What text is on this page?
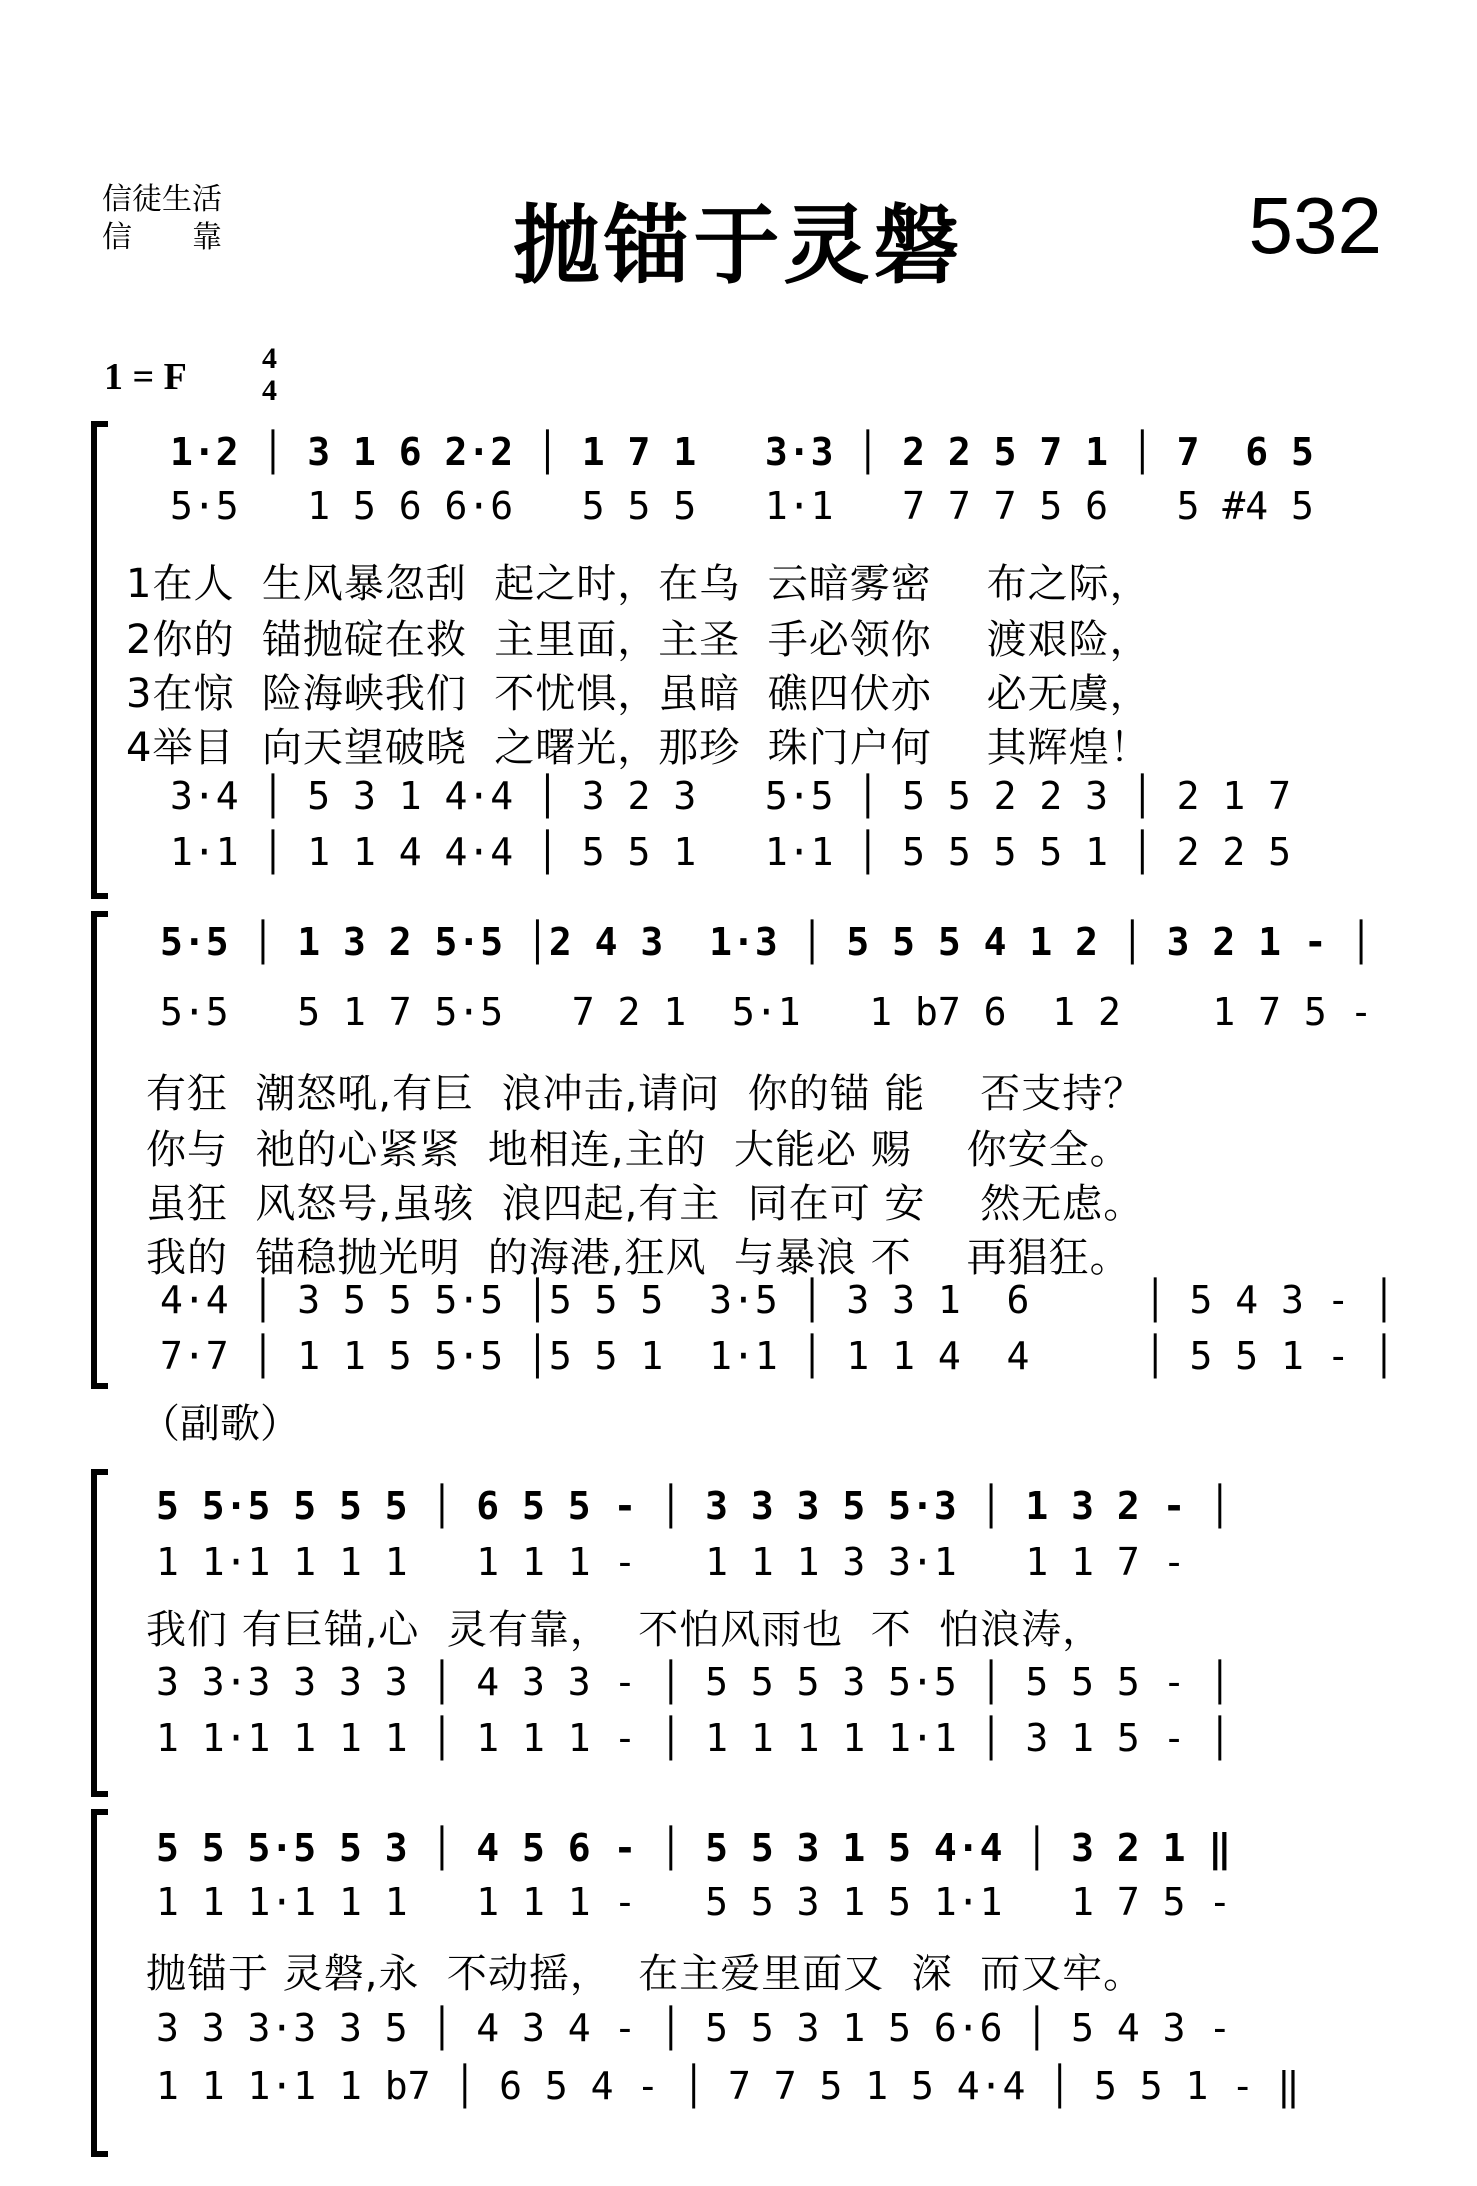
信徒生活
信　　靠	抛锚于灵磐	532
1 = F	4
4
1·2 │ 3 1 6 2·2 │ 1 7 1   3·3 │ 2 2 5 7 1 │ 7  6 5
5·5   1 5 6 6·6   5 5 5   1·1   7 7 7 5 6   5 #4 5
1在人  生风暴忽刮  起之时，在乌  云暗雾密    布之际，
2你的  锚抛碇在救  主里面，主圣  手必领你    渡艰险，
3在惊  险海峡我们  不忧惧，虽暗  礁四伏亦    必无虞，
4举目  向天望破晓  之曙光，那珍  珠门户何    其辉煌！
3·4 │ 5 3 1 4·4 │ 3 2 3   5·5 │ 5 5 2 2 3 │ 2 1 7
1·1 │ 1 1 4 4·4 │ 5 5 1   1·1 │ 5 5 5 5 1 │ 2 2 5
5·5 │ 1 3 2 5·5 │2 4 3  1·3 │ 5 5 5 4 1 2 │ 3 2 1 - │
5·5   5 1 7 5·5   7 2 1  5·1   1 b7 6  1 2    1 7 5 -
有狂  潮怒吼,有巨  浪冲击,请问  你的锚 能    否支持？
你与  祂的心紧紧  地相连,主的  大能必 赐    你安全。
虽狂  风怒号,虽骇  浪四起,有主  同在可 安    然无虑。
我的  锚稳抛光明  的海港,狂风  与暴浪 不    再猖狂。
4·4 │ 3 5 5 5·5 │5 5 5  3·5 │ 3 3 1  6     │ 5 4 3 - │
7·7 │ 1 1 5 5·5 │5 5 1  1·1 │ 1 1 4  4     │ 5 5 1 - │
（副歌）
5 5·5 5 5 5 │ 6 5 5 - │ 3 3 3 5 5·3 │ 1 3 2 - │
1 1·1 1 1 1   1 1 1 -   1 1 1 3 3·1   1 1 7 -
我们 有巨锚,心  灵有靠，  不怕风雨也  不  怕浪涛，
3 3·3 3 3 3 │ 4 3 3 - │ 5 5 5 3 5·5 │ 5 5 5 - │
1 1·1 1 1 1 │ 1 1 1 - │ 1 1 1 1 1·1 │ 3 1 5 - │
5 5 5·5 5 3 │ 4 5 6 - │ 5 5 3 1 5 4·4 │ 3 2 1 ‖
1 1 1·1 1 1   1 1 1 -   5 5 3 1 5 1·1   1 7 5 -
抛锚于 灵磐,永  不动摇，  在主爱里面又  深  而又牢。
3 3 3·3 3 5 │ 4 3 4 - │ 5 5 3 1 5 6·6 │ 5 4 3 -
1 1 1·1 1 b7 │ 6 5 4 - │ 7 7 5 1 5 4·4 │ 5 5 1 - ‖
